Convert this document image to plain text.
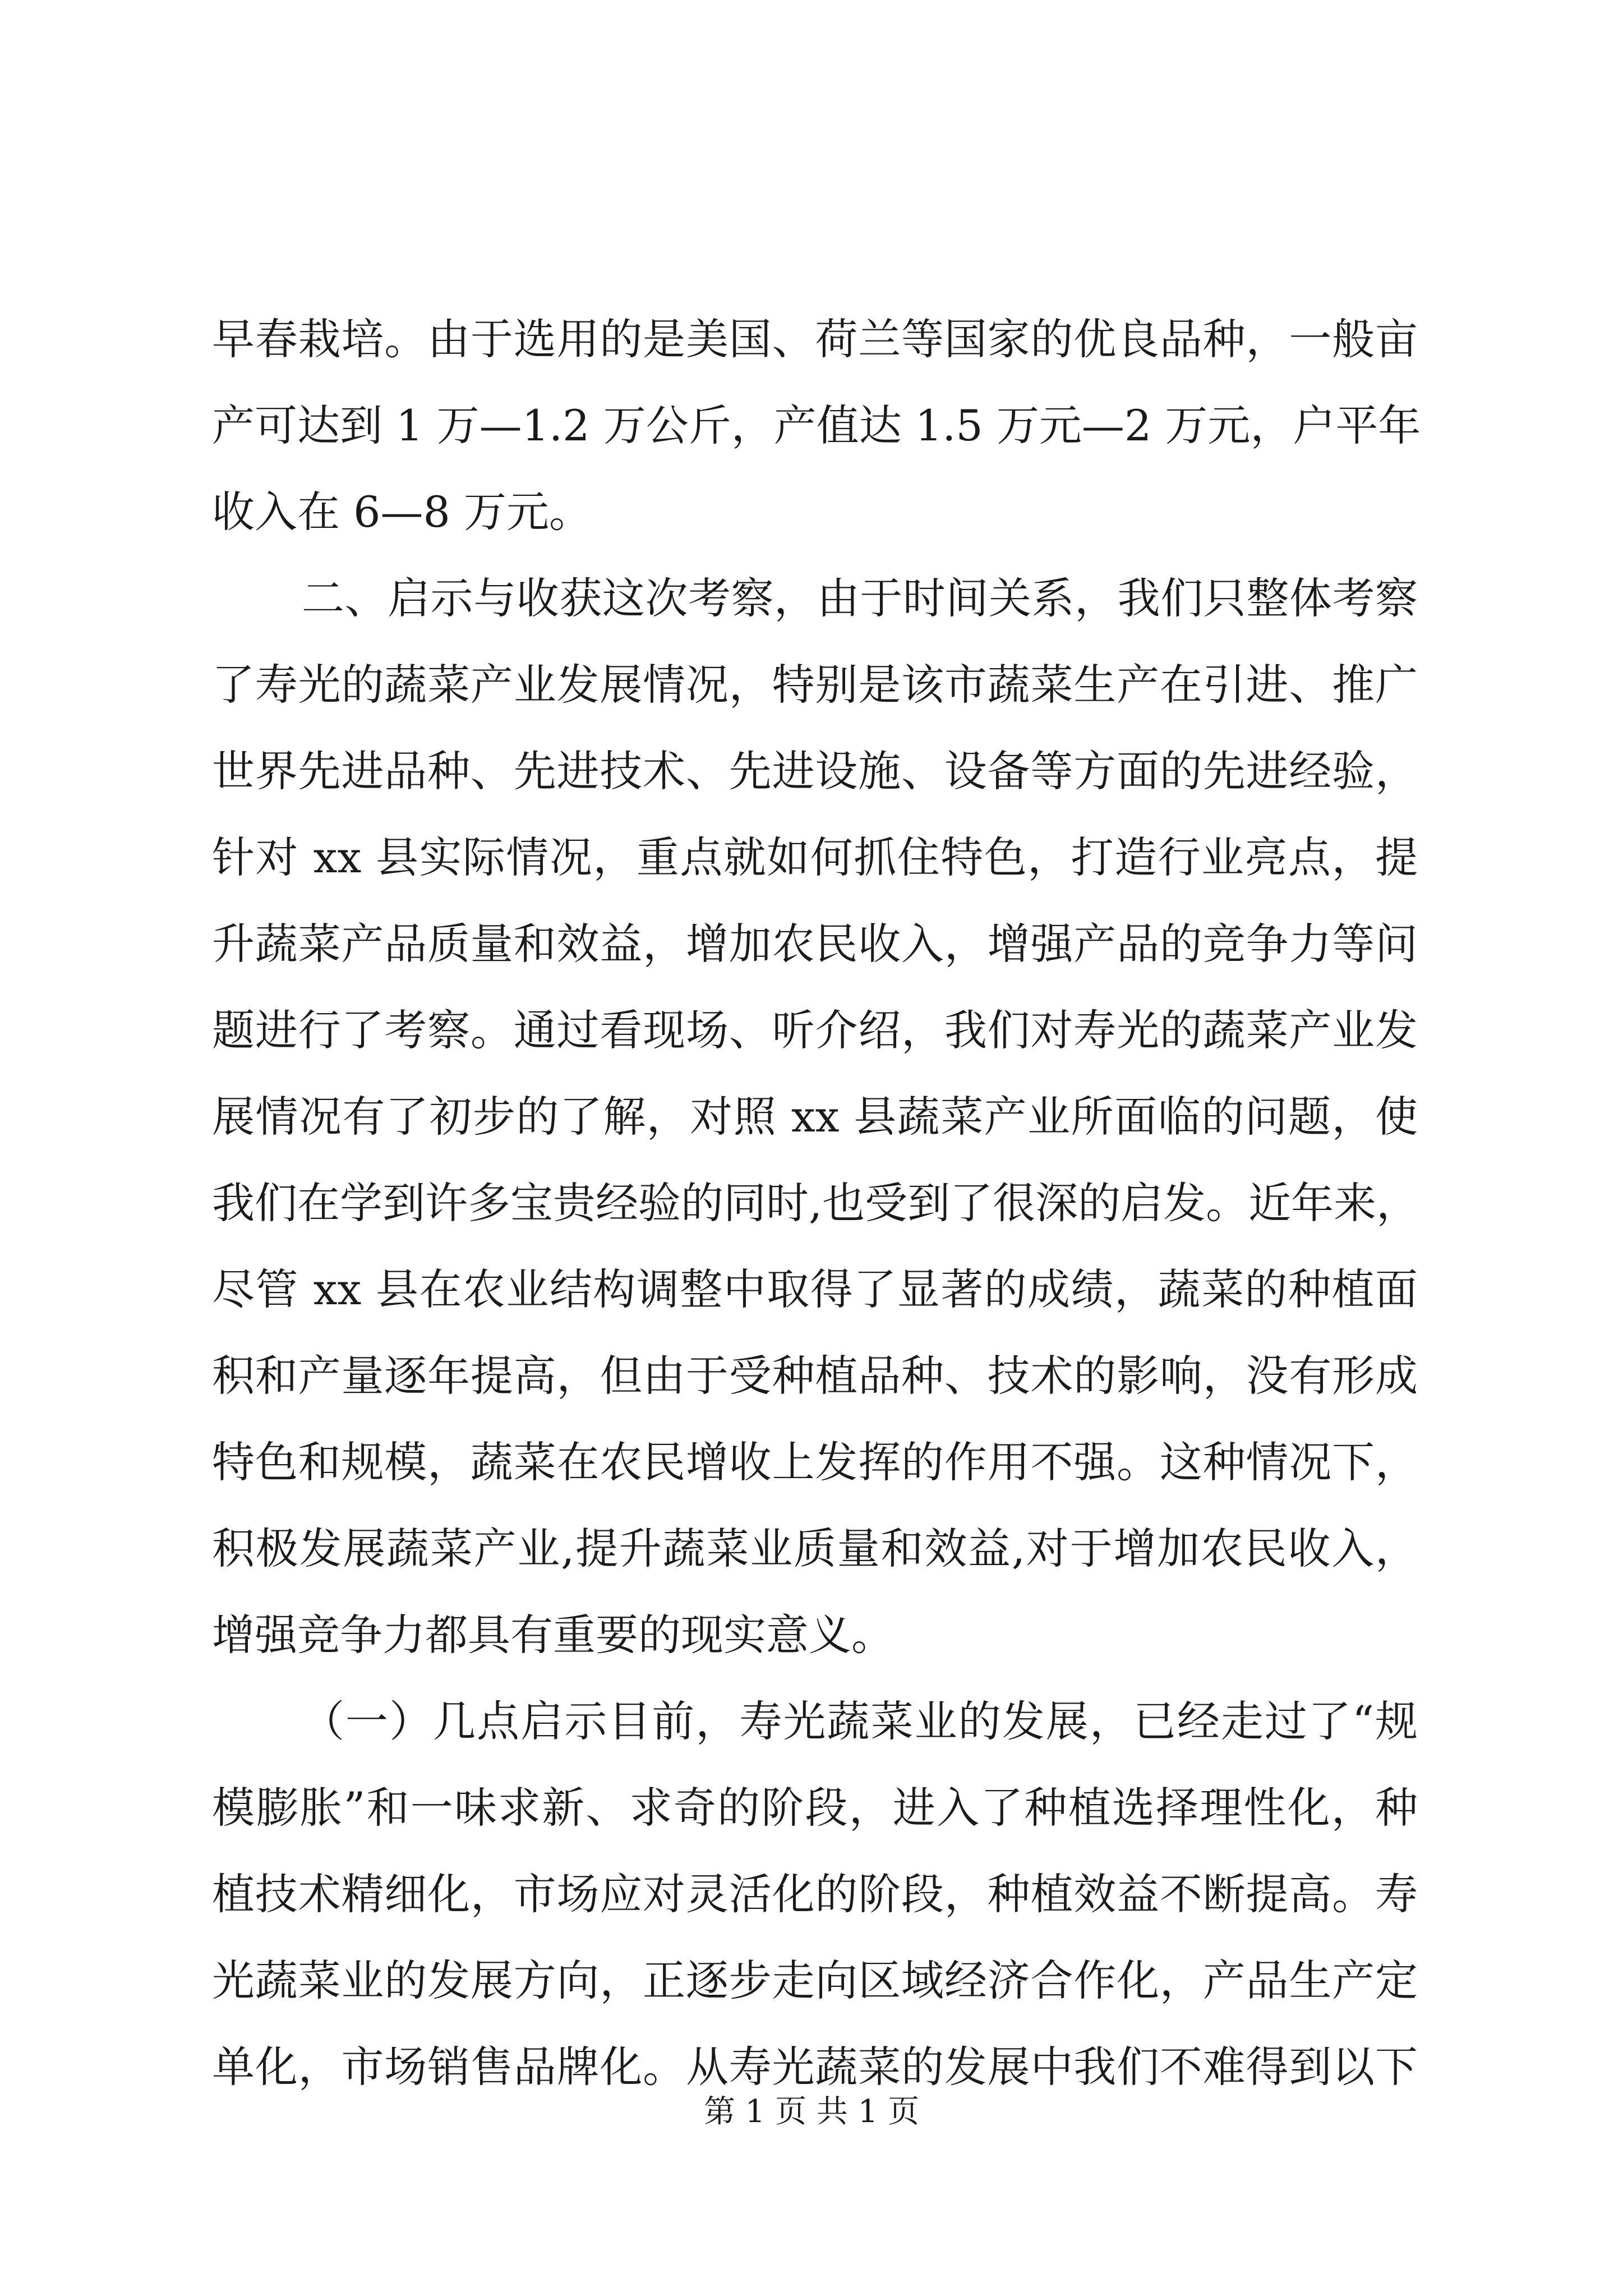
早春栽培。由于选用的是美国、荷兰等国家的优良品种，一般亩
产可达到 1 万—1.2 万公斤，产值达 1.5 万元—2 万元，户平年
收入在 6—8 万元。
二、启示与收获这次考察，由于时间关系，我们只整体考察
了寿光的蔬菜产业发展情况，特别是该市蔬菜生产在引进、推广
世界先进品种、先进技术、先进设施、设备等方面的先进经验，
针对 xx 县实际情况，重点就如何抓住特色，打造行业亮点，提
升蔬菜产品质量和效益，增加农民收入，增强产品的竞争力等问
题进行了考察。通过看现场、听介绍，我们对寿光的蔬菜产业发
展情况有了初步的了解，对照 xx 县蔬菜产业所面临的问题，使
我们在学到许多宝贵经验的同时,也受到了很深的启发。近年来，
尽管 xx 县在农业结构调整中取得了显著的成绩，蔬菜的种植面
积和产量逐年提高，但由于受种植品种、技术的影响，没有形成
特色和规模，蔬菜在农民增收上发挥的作用不强。这种情况下，
积极发展蔬菜产业,提升蔬菜业质量和效益,对于增加农民收入，
增强竞争力都具有重要的现实意义。
（一）几点启示目前，寿光蔬菜业的发展，已经走过了“规
模膨胀”和一味求新、求奇的阶段，进入了种植选择理性化，种
植技术精细化，市场应对灵活化的阶段，种植效益不断提高。寿
光蔬菜业的发展方向，正逐步走向区域经济合作化，产品生产定
单化，市场销售品牌化。从寿光蔬菜的发展中我们不难得到以下
第 1 页 共 1 页
